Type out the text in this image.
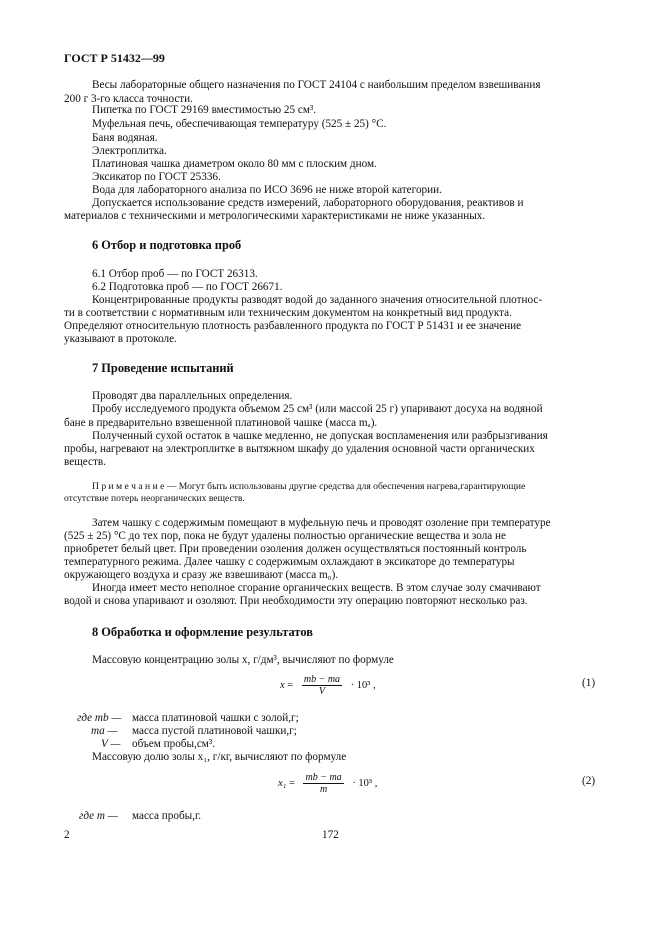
ГОСТ Р 51432—99

Весы лабораторные общего назначения по ГОСТ 24104 с наибольшим пределом взвешивания

200 г 3-го класса точности.

Пипетка по ГОСТ 29169 вместимостью 25 см³.

Муфельная печь, обеспечивающая температуру (525 ± 25) °С.

Баня водяная.

Электроплитка.

Платиновая чашка диаметром около 80 мм с плоским дном.

Эксикатор по ГОСТ 25336.

Вода для лабораторного анализа по ИСО 3696 не ниже второй категории.

Допускается использование средств измерений, лабораторного оборудования, реактивов и

материалов с техническими и метрологическими характеристиками не ниже указанных.

6 Отбор и подготовка проб

6.1 Отбор проб — по ГОСТ 26313.

6.2 Подготовка проб — по ГОСТ 26671.

Концентрированные продукты разводят водой до заданного значения относительной плотнос-

ти в соответствии с нормативным или техническим документом на конкретный вид продукта.

Определяют относительную плотность разбавленного продукта по ГОСТ Р 51431 и ее значение

указывают в протоколе.

7 Проведение испытаний

Проводят два параллельных определения.

Пробу исследуемого продукта объемом 25 см³ (или массой 25 г) упаривают досуха на водяной

бане в предварительно взвешенной платиновой чашке (масса mₐ).

Полученный сухой остаток в чашке медленно, не допуская воспламенения или разбрызгивания

пробы, нагревают на электроплитке в вытяжном шкафу до удаления основной части органических

веществ.

П р и м е ч а н и е — Могут быть использованы другие средства для обеспечения нагрева,гарантирующие

отсутствие потерь неорганических веществ.

Затем чашку с содержимым помещают в муфельную печь и проводят озоление при температуре

(525 ± 25) °С до тех пор, пока не будут удалены полностью органические вещества и зола не

приобретет белый цвет. При проведении озоления должен осуществляться постоянный контроль

температурного режима. Далее чашку с содержимым охлаждают в эксикаторе до температуры

окружающего воздуха и сразу же взвешивают (масса m₀).

Иногда имеет место неполное сгорание органических веществ. В этом случае золу смачивают

водой и снова упаривают и озоляют. При необходимости эту операцию повторяют несколько раз.

8 Обработка и оформление результатов

Массовую концентрацию золы x, г/дм³, вычисляют по формуле

$x = \frac{mb - ma}{V} \cdot 10^3$ ,	(1)
где mb — масса платиновой чашки с золой,г;
ma — масса пустой платиновой чашки,г;
V — объем пробы,см³.

Массовую долю золы x₁, г/кг, вычисляют по формуле

$x_1 = \frac{mb - ma}{m} \cdot 10^3$ ,	(2)
где m — масса пробы,г.
2	172
